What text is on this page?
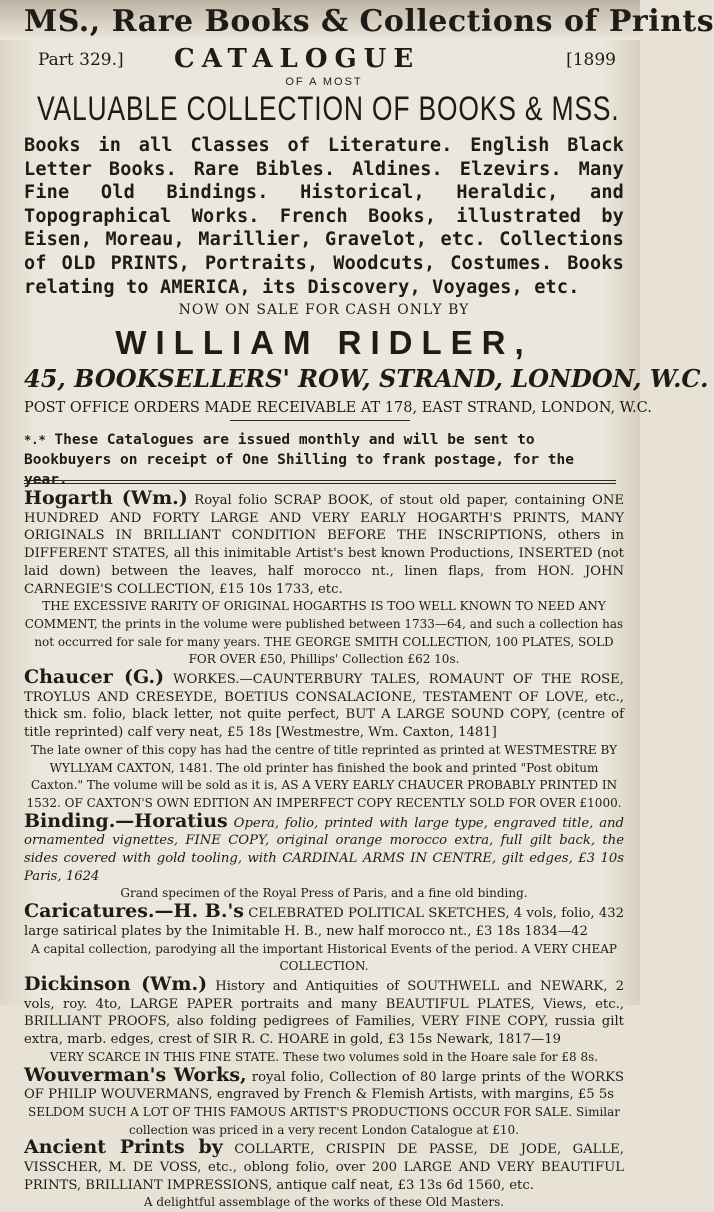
MS., Rare Books & Collections of Prints
Part 329.] CATALOGUE	[1899
OF A MOST
VALUABLE COLLECTION OF BOOKS & MSS.
Books in all Classes of Literature. English Black Letter Books. Rare Bibles. Aldines. Elzevirs. Many Fine Old Bindings. Historical, Heraldic, and Topographical Works. French Books, illustrated by Eisen, Moreau, Marillier, Gravelot, etc. Collections of OLD PRINTS, Portraits, Woodcuts, Costumes. Books relating to AMERICA, its Discovery, Voyages, etc.
NOW ON SALE FOR CASH ONLY BY
WILLIAM RIDLER,
45, BOOKSELLERS' ROW, STRAND, LONDON, W.C.
POST OFFICE ORDERS MADE RECEIVABLE AT 178, EAST STRAND, LONDON, W.C.
*.* These Catalogues are issued monthly and will be sent to Bookbuyers on receipt of One Shilling to frank postage, for the year.

Hogarth (Wm.) Royal folio SCRAP BOOK, of stout old paper, containing ONE HUNDRED AND FORTY LARGE AND VERY EARLY HOGARTH'S PRINTS, MANY ORIGINALS IN BRILLIANT CONDITION BEFORE THE INSCRIPTIONS, others in DIFFERENT STATES, all this inimitable Artist's best known Productions, INSERTED (not laid down) between the leaves, half morocco nt., linen flaps, from HON. JOHN CARNEGIE'S COLLECTION, £15 10s 1733, etc.
THE EXCESSIVE RARITY OF ORIGINAL HOGARTHS IS TOO WELL KNOWN TO NEED ANY COMMENT, the prints in the volume were published between 1733—64, and such a collection has not occurred for sale for many years. THE GEORGE SMITH COLLECTION, 100 PLATES, SOLD FOR OVER £50, Phillips' Collection £62 10s.

Chaucer (G.) WORKES.—CAUNTERBURY TALES, ROMAUNT OF THE ROSE, TROYLUS AND CRESEYDE, BOETIUS CONSALACIONE, TESTAMENT OF LOVE, etc., thick sm. folio, black letter, not quite perfect, BUT A LARGE SOUND COPY, (centre of title reprinted) calf very neat, £5 18s [Westmestre, Wm. Caxton, 1481]
The late owner of this copy has had the centre of title reprinted as printed at WESTMESTRE BY WYLLYAM CAXTON, 1481. The old printer has finished the book and printed "Post obitum Caxton." The volume will be sold as it is, AS A VERY EARLY CHAUCER PROBABLY PRINTED IN 1532. OF CAXTON'S OWN EDITION AN IMPERFECT COPY RECENTLY SOLD FOR OVER £1000.

Binding.—Horatius Opera, folio, printed with large type, engraved title, and ornamented vignettes, FINE COPY, original orange morocco extra, full gilt back, the sides covered with gold tooling, with CARDINAL ARMS IN CENTRE, gilt edges, £3 10s Paris, 1624
Grand specimen of the Royal Press of Paris, and a fine old binding.

Caricatures.—H. B.'s CELEBRATED POLITICAL SKETCHES, 4 vols, folio, 432 large satirical plates by the Inimitable H. B., new half morocco nt., £3 18s 1834—42
A capital collection, parodying all the important Historical Events of the period. A VERY CHEAP COLLECTION.

Dickinson (Wm.) History and Antiquities of SOUTHWELL and NEWARK, 2 vols, roy. 4to, LARGE PAPER portraits and many BEAUTIFUL PLATES, Views, etc., BRILLIANT PROOFS, also folding pedigrees of Families, VERY FINE COPY, russia gilt extra, marb. edges, crest of SIR R. C. HOARE in gold, £3 15s Newark, 1817—19
VERY SCARCE IN THIS FINE STATE. These two volumes sold in the Hoare sale for £8 8s.

Wouverman's Works, royal folio, Collection of 80 large prints of the WORKS OF PHILIP WOUVERMANS, engraved by French & Flemish Artists, with margins, £5 5s
SELDOM SUCH A LOT OF THIS FAMOUS ARTIST'S PRODUCTIONS OCCUR FOR SALE. Similar collection was priced in a very recent London Catalogue at £10.

Ancient Prints by COLLARTE, CRISPIN DE PASSE, DE JODE, GALLE, VISSCHER, M. DE VOSS, etc., oblong folio, over 200 LARGE AND VERY BEAUTIFUL PRINTS, BRILLIANT IMPRESSIONS, antique calf neat, £3 13s 6d 1560, etc.
A delightful assemblage of the works of these Old Masters.
